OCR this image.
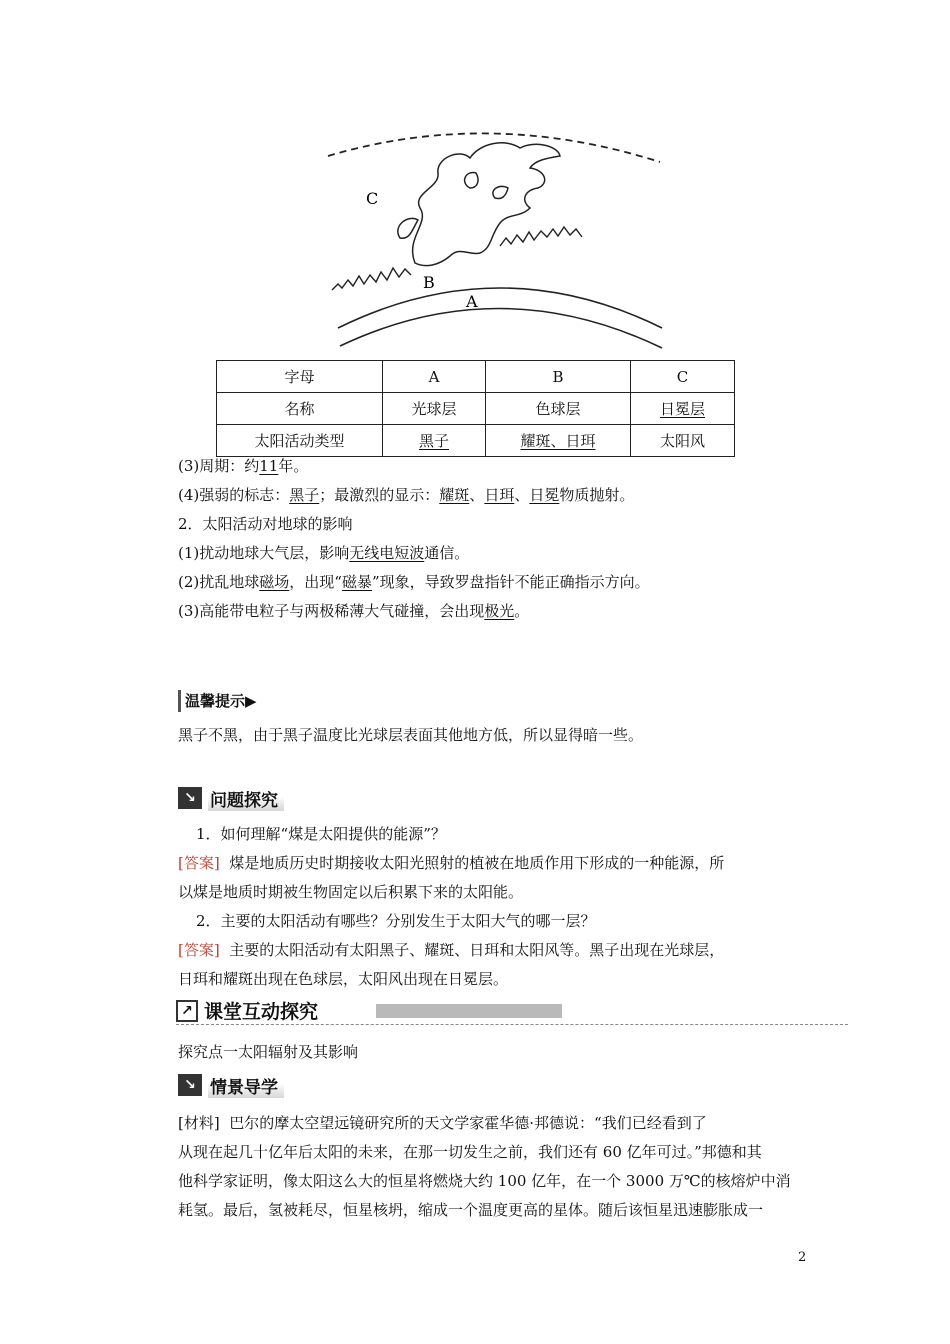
C
B
A
字母	A	B	C
名称	光球层	色球层	日冕层
太阳活动类型	黑子	耀斑、日珥	太阳风
(3)周期：约11年。
(4)强弱的标志：黑子；最激烈的显示：耀斑、日珥、日冕物质抛射。
2．太阳活动对地球的影响
(1)扰动地球大气层，影响无线电短波通信。
(2)扰乱地球磁场，出现“磁暴”现象，导致罗盘指针不能正确指示方向。
(3)高能带电粒子与两极稀薄大气碰撞，会出现极光。
温馨提示▶
黑子不黑，由于黑子温度比光球层表面其他地方低，所以显得暗一些。
↘ 问题探究
1．如何理解“煤是太阳提供的能源”？
[答案] 煤是地质历史时期接收太阳光照射的植被在地质作用下形成的一种能源，所
以煤是地质时期被生物固定以后积累下来的太阳能。
2．主要的太阳活动有哪些？分别发生于太阳大气的哪一层？
[答案] 主要的太阳活动有太阳黑子、耀斑、日珥和太阳风等。黑子出现在光球层，
日珥和耀斑出现在色球层，太阳风出现在日冕层。
↗ 课堂互动探究
探究点一太阳辐射及其影响
↘ 情景导学
[材料] 巴尔的摩太空望远镜研究所的天文学家霍华德·邦德说：“我们已经看到了
从现在起几十亿年后太阳的未来，在那一切发生之前，我们还有 60 亿年可过。”邦德和其
他科学家证明，像太阳这么大的恒星将燃烧大约 100 亿年，在一个 3000 万℃的核熔炉中消
耗氢。最后，氢被耗尽，恒星核坍，缩成一个温度更高的星体。随后该恒星迅速膨胀成一
2
